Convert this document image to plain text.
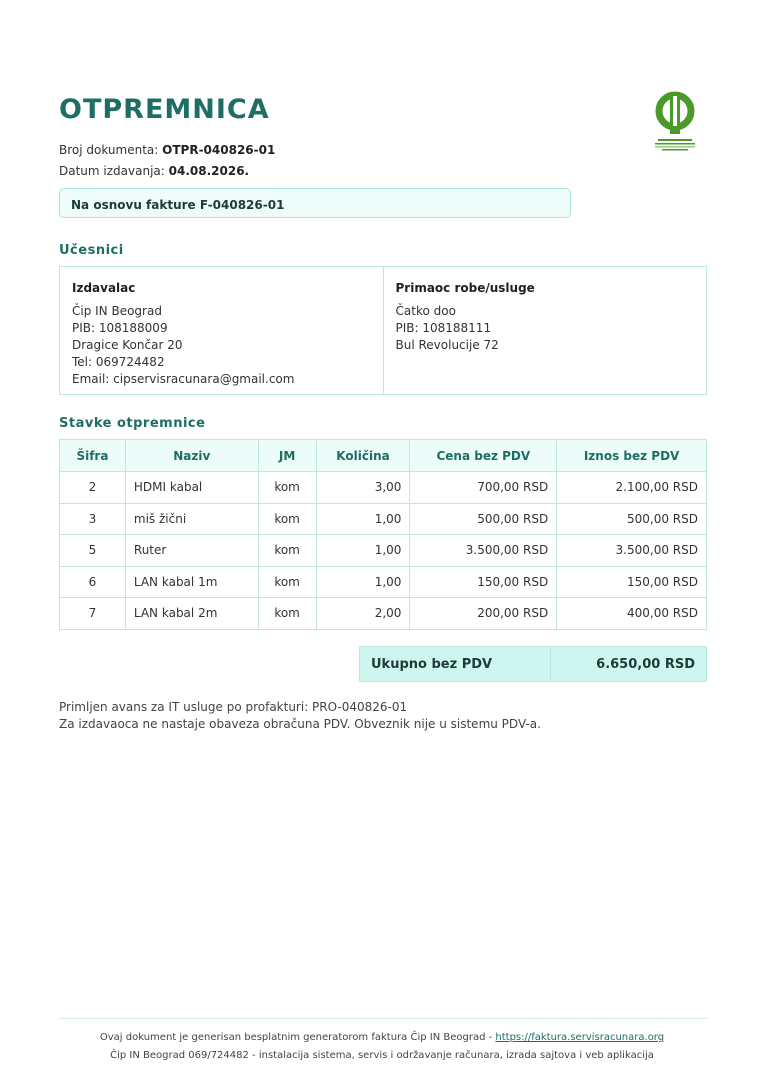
OTPREMNICA
Broj dokumenta: OTPR-040826-01
Datum izdavanja: 04.08.2026.
Na osnovu fakture F-040826-01
Učesnici
Izdavalac
Čip IN Beograd
PIB: 108188009
Dragice Končar 20
Tel: 069724482
Email: cipservisracunara@gmail.com
Primaoc robe/usluge
Čatko doo
PIB: 108188111
Bul Revolucije 72
Stavke otpremnice
Šifra	Naziv	JM	Količina	Cena bez PDV	Iznos bez PDV
2	HDMI kabal	kom	3,00	700,00 RSD	2.100,00 RSD
3	miš žični	kom	1,00	500,00 RSD	500,00 RSD
5	Ruter	kom	1,00	3.500,00 RSD	3.500,00 RSD
6	LAN kabal 1m	kom	1,00	150,00 RSD	150,00 RSD
7	LAN kabal 2m	kom	2,00	200,00 RSD	400,00 RSD
Ukupno bez PDV	6.650,00 RSD
Primljen avans za IT usluge po profakturi: PRO-040826-01
Za izdavaoca ne nastaje obaveza obračuna PDV. Obveznik nije u sistemu PDV-a.
Ovaj dokument je generisan besplatnim generatorom faktura Čip IN Beograd - https://faktura.servisracunara.org
Čip IN Beograd 069/724482 - instalacija sistema, servis i održavanje računara, izrada sajtova i veb aplikacija
